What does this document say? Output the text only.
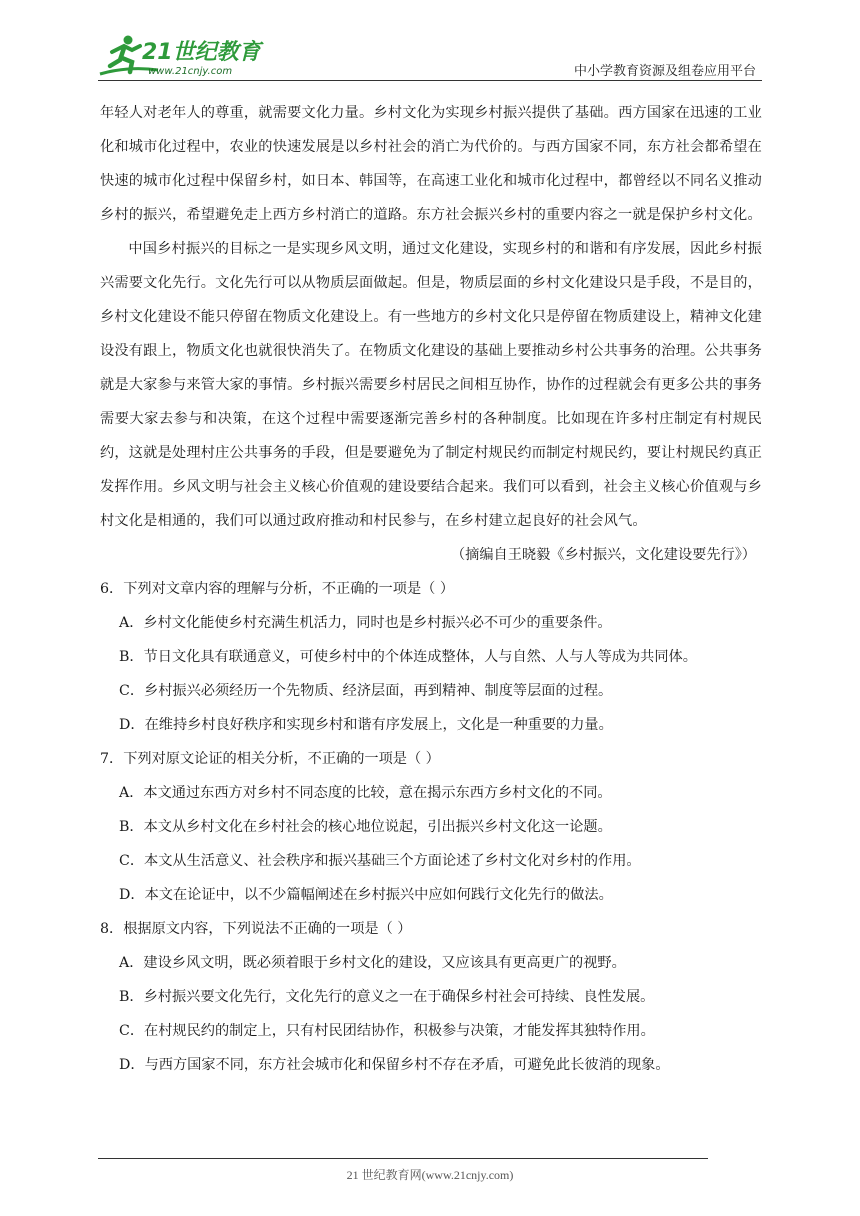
21世纪教育
www.21cnjy.com	中小学教育资源及组卷应用平台

年轻人对老年人的尊重，就需要文化力量。乡村文化为实现乡村振兴提供了基础。西方国家在迅速的工业化和城市化过程中，农业的快速发展是以乡村社会的消亡为代价的。与西方国家不同，东方社会都希望在快速的城市化过程中保留乡村，如日本、韩国等，在高速工业化和城市化过程中，都曾经以不同名义推动乡村的振兴，希望避免走上西方乡村消亡的道路。东方社会振兴乡村的重要内容之一就是保护乡村文化。

中国乡村振兴的目标之一是实现乡风文明，通过文化建设，实现乡村的和谐和有序发展，因此乡村振兴需要文化先行。文化先行可以从物质层面做起。但是，物质层面的乡村文化建设只是手段，不是目的，乡村文化建设不能只停留在物质文化建设上。有一些地方的乡村文化只是停留在物质建设上，精神文化建设没有跟上，物质文化也就很快消失了。在物质文化建设的基础上要推动乡村公共事务的治理。公共事务就是大家参与来管大家的事情。乡村振兴需要乡村居民之间相互协作，协作的过程就会有更多公共的事务需要大家去参与和决策，在这个过程中需要逐渐完善乡村的各种制度。比如现在许多村庄制定有村规民约，这就是处理村庄公共事务的手段，但是要避免为了制定村规民约而制定村规民约，要让村规民约真正发挥作用。乡风文明与社会主义核心价值观的建设要结合起来。我们可以看到，社会主义核心价值观与乡村文化是相通的，我们可以通过政府推动和村民参与，在乡村建立起良好的社会风气。

（摘编自王晓毅《乡村振兴，文化建设要先行》）

6．下列对文章内容的理解与分析，不正确的一项是（ ）

A．乡村文化能使乡村充满生机活力，同时也是乡村振兴必不可少的重要条件。

B．节日文化具有联通意义，可使乡村中的个体连成整体，人与自然、人与人等成为共同体。

C．乡村振兴必须经历一个先物质、经济层面，再到精神、制度等层面的过程。

D．在维持乡村良好秩序和实现乡村和谐有序发展上，文化是一种重要的力量。

7．下列对原文论证的相关分析，不正确的一项是（ ）

A．本文通过东西方对乡村不同态度的比较，意在揭示东西方乡村文化的不同。

B．本文从乡村文化在乡村社会的核心地位说起，引出振兴乡村文化这一论题。

C．本文从生活意义、社会秩序和振兴基础三个方面论述了乡村文化对乡村的作用。

D．本文在论证中，以不少篇幅阐述在乡村振兴中应如何践行文化先行的做法。

8．根据原文内容，下列说法不正确的一项是（ ）

A．建设乡风文明，既必须着眼于乡村文化的建设，又应该具有更高更广的视野。

B．乡村振兴要文化先行，文化先行的意义之一在于确保乡村社会可持续、良性发展。

C．在村规民约的制定上，只有村民团结协作，积极参与决策，才能发挥其独特作用。

D．与西方国家不同，东方社会城市化和保留乡村不存在矛盾，可避免此长彼消的现象。

21 世纪教育网(www.21cnjy.com)
